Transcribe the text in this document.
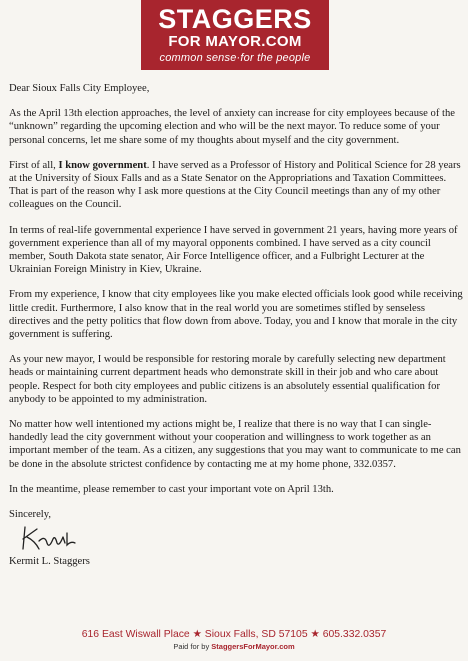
STAGGERS
FOR MAYOR.COM
common sense·for the people

Dear Sioux Falls City Employee,

As the April 13th election approaches, the level of anxiety can increase for city employees because of the “unknown” regarding the upcoming election and who will be the next mayor. To reduce some of your personal concerns, let me share some of my thoughts about myself and the city government.

First of all, I know government. I have served as a Professor of History and Political Science for 28 years at the University of Sioux Falls and as a State Senator on the Appropriations and Taxation Committees. That is part of the reason why I ask more questions at the City Council meetings than any of my other colleagues on the Council.

In terms of real-life governmental experience I have served in government 21 years, having more years of government experience than all of my mayoral opponents combined. I have served as a city council member, South Dakota state senator, Air Force Intelligence officer, and a Fulbright Lecturer at the Ukrainian Foreign Ministry in Kiev, Ukraine.

From my experience, I know that city employees like you make elected officials look good while receiving little credit. Furthermore, I also know that in the real world you are sometimes stifled by senseless directives and the petty politics that flow down from above. Today, you and I know that morale in the city government is suffering.

As your new mayor, I would be responsible for restoring morale by carefully selecting new department heads or maintaining current department heads who demonstrate skill in their job and who care about people. Respect for both city employees and public citizens is an absolutely essential qualification for anybody to be appointed to my administration.

No matter how well intentioned my actions might be, I realize that there is no way that I can single-handedly lead the city government without your cooperation and willingness to work together as an important member of the team. As a citizen, any suggestions that you may want to communicate to me can be done in the absolute strictest confidence by contacting me at my home phone, 332.0357.

In the meantime, please remember to cast your important vote on April 13th.

Sincerely,

Kermit L. Staggers

616 East Wiswall Place ★ Sioux Falls, SD 57105 ★ 605.332.0357
Paid for by StaggersForMayor.com
